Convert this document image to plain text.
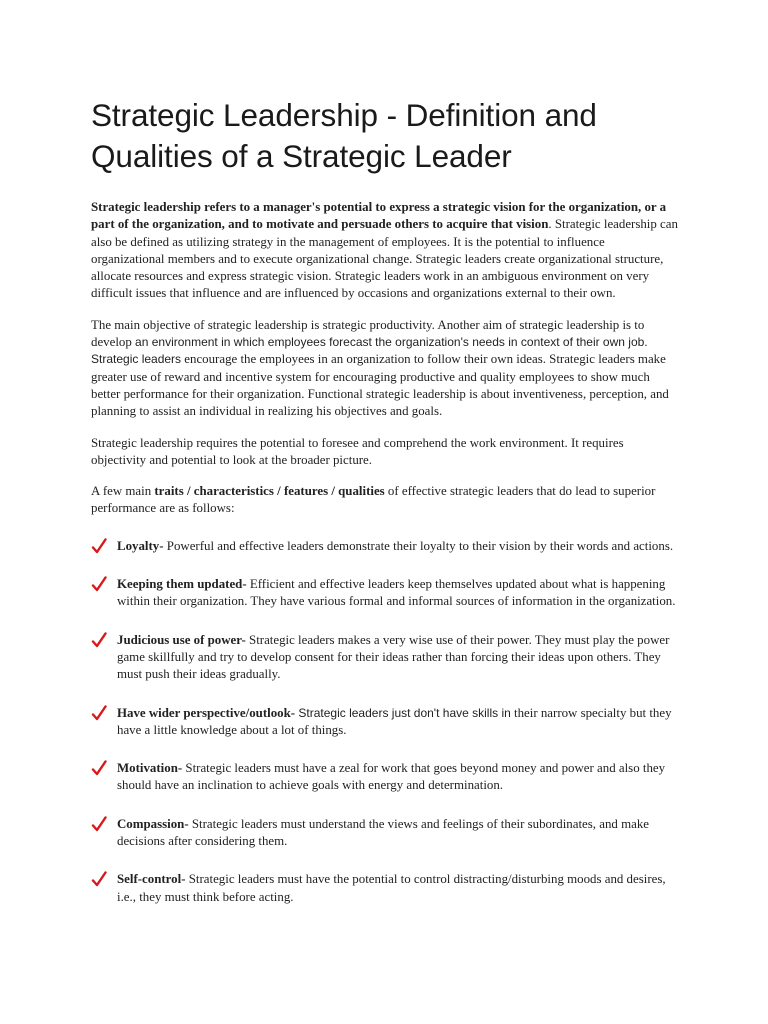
Strategic Leadership - Definition and Qualities of a Strategic Leader

Strategic leadership refers to a manager's potential to express a strategic vision for the organization, or a part of the organization, and to motivate and persuade others to acquire that vision. Strategic leadership can also be defined as utilizing strategy in the management of employees. It is the potential to influence organizational members and to execute organizational change. Strategic leaders create organizational structure, allocate resources and express strategic vision. Strategic leaders work in an ambiguous environment on very difficult issues that influence and are influenced by occasions and organizations external to their own.

The main objective of strategic leadership is strategic productivity. Another aim of strategic leadership is to develop an environment in which employees forecast the organization's needs in context of their own job. Strategic leaders encourage the employees in an organization to follow their own ideas. Strategic leaders make greater use of reward and incentive system for encouraging productive and quality employees to show much better performance for their organization. Functional strategic leadership is about inventiveness, perception, and planning to assist an individual in realizing his objectives and goals.

Strategic leadership requires the potential to foresee and comprehend the work environment. It requires objectivity and potential to look at the broader picture.

A few main traits / characteristics / features / qualities of effective strategic leaders that do lead to superior performance are as follows:

Loyalty- Powerful and effective leaders demonstrate their loyalty to their vision by their words and actions.
Keeping them updated- Efficient and effective leaders keep themselves updated about what is happening within their organization. They have various formal and informal sources of information in the organization.
Judicious use of power- Strategic leaders makes a very wise use of their power. They must play the power game skillfully and try to develop consent for their ideas rather than forcing their ideas upon others. They must push their ideas gradually.
Have wider perspective/outlook- Strategic leaders just don't have skills in their narrow specialty but they have a little knowledge about a lot of things.
Motivation- Strategic leaders must have a zeal for work that goes beyond money and power and also they should have an inclination to achieve goals with energy and determination.
Compassion- Strategic leaders must understand the views and feelings of their subordinates, and make decisions after considering them.
Self-control- Strategic leaders must have the potential to control distracting/disturbing moods and desires, i.e., they must think before acting.
